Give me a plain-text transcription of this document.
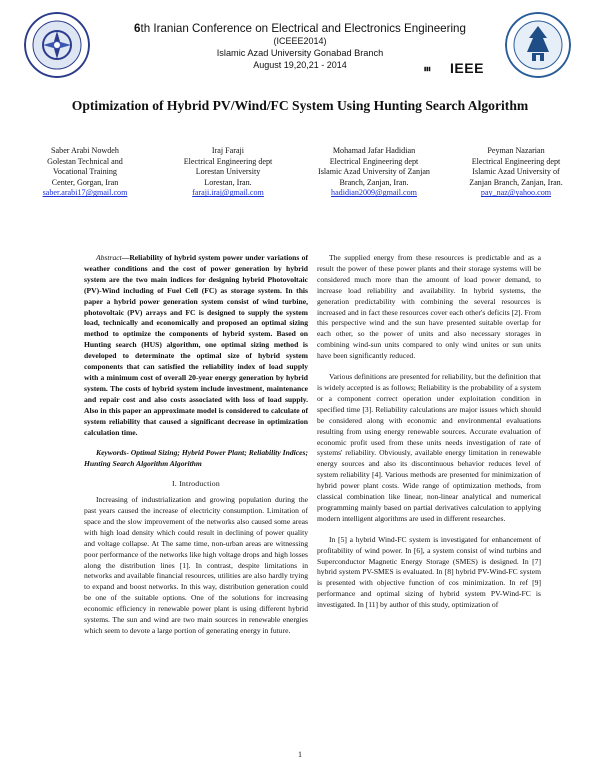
6th Iranian Conference on Electrical and Electronics Engineering
(ICEEE2014)
Islamic Azad University Gonabad Branch
August 19,20,21 - 2014	IEEE
Optimization of Hybrid PV/Wind/FC System Using Hunting Search Algorithm
Saber Arabi Nowdeh
Golestan Technical and
Vocational Training
Center, Gorgan, Iran
saber.arabi17@gmail.com
Iraj Faraji
Electrical Engineering dept
Lorestan University
Lorestan, Iran.
faraji.iraj@gmail.com
Mohamad Jafar Hadidian
Electrical Engineering dept
Islamic Azad University of Zanjan
Branch, Zanjan, Iran.
hadidian2009@gmail.com
Peyman Nazarian
Electrical Engineering dept
Islamic Azad University of
Zanjan Branch, Zanjan, Iran.
pay_naz@yahoo.com

Abstract—Reliability of hybrid system power under variations of weather conditions and the cost of power generation by hybrid system are the two main indices for designing hybrid Photovoltaic (PV)-Wind including of Fuel Cell (FC) as storage system. In this paper a hybrid power generation system consist of wind turbine, photovoltaic (PV) arrays and FC is designed to supply the system load, technically and economically and proposed an optimal sizing method to optimize the components of hybrid system. Based on Hunting search (HUS) algorithm, one optimal sizing method is developed to determinate the optimal size of hybrid system components that can satisfied the reliability index of load supply with a minimum cost of overall 20-year energy generation by hybrid system. The costs of hybrid system include investment, maintenance and repair cost and also costs associated with loss of load supply. Also in this paper an approximate model is considered to calculate of system reliability that caused a significant decrease in optimization calculation time.

Keywords- Optimal Sizing; Hybrid Power Plant; Reliability Indices; Hunting Search Algorithm Algorithm

I. Introduction

Increasing of industrialization and growing population during the past years caused the increase of electricity consumption. Limitation of space and the slow improvement of the networks also caused some areas with high load density which could result in declining of power quality and voltage collapse. At The same time, non-urban areas are witnessing poor performance of the networks like high voltage drops and high losses along the distribution lines [1]. In contrast, despite limitations in networks and available financial resources, utilities are also hardly trying to expand and boost networks. In this way, distribution generation could be one of the suitable options. One of the solutions for increasing economic efficiency in renewable power plant is using different hybrid systems. The sun and wind are two main sources in renewable energies which seem to devote a large portion of generating energy in future.

The supplied energy from these resources is predictable and as a result the power of these power plants and their storage systems will be considered much more than the amount of load power demand, to increase load reliability and availability. In hybrid systems, the generation predictability with combining the several resources is increased and in fact these resources cover each other's deficits [2]. From this perspective wind and the sun have presented suitable overlap for each other, so the power of units and also necessary storages in combining wind-sun units compared to only wind unites or sun units have been significantly reduced.

Various definitions are presented for reliability, but the definition that is widely accepted is as follows; Reliability is the probability of a system or a component correct operation under exploitation condition in specified time [3]. Reliability calculations are major issues which should be considered along with economic and environmental evaluations resulting from using energy renewable sources. Accurate evaluation of economic profit used from these units needs investigation of rate of systems' reliability. Obviously, available energy limitation in renewable energy sources and also its discontinuous behavior reduces level of system reliability [4]. Various methods are presented for minimization of hybrid power plant costs. Wide range of optimization methods, from classical combination like linear, non-linear analytical and numerical programming mainly based on partial derivatives calculation to applying modern intelligent algorithms are used in different researches.

In [5] a hybrid Wind-FC system is investigated for enhancement of profitability of wind power. In [6], a system consist of wind turbins and Superconductor Magnetic Energy Storage (SMES) is designed. In [7] hybrid system PV-SMES is evaluated. In [8] hybrid PV-Wind-FC system is presented with objective function of cos minimization. In ref [9] performance and optimal sizing of hybrid system PV-Wind-FC is investigated. In [11] by author of this study, optimization of

1
